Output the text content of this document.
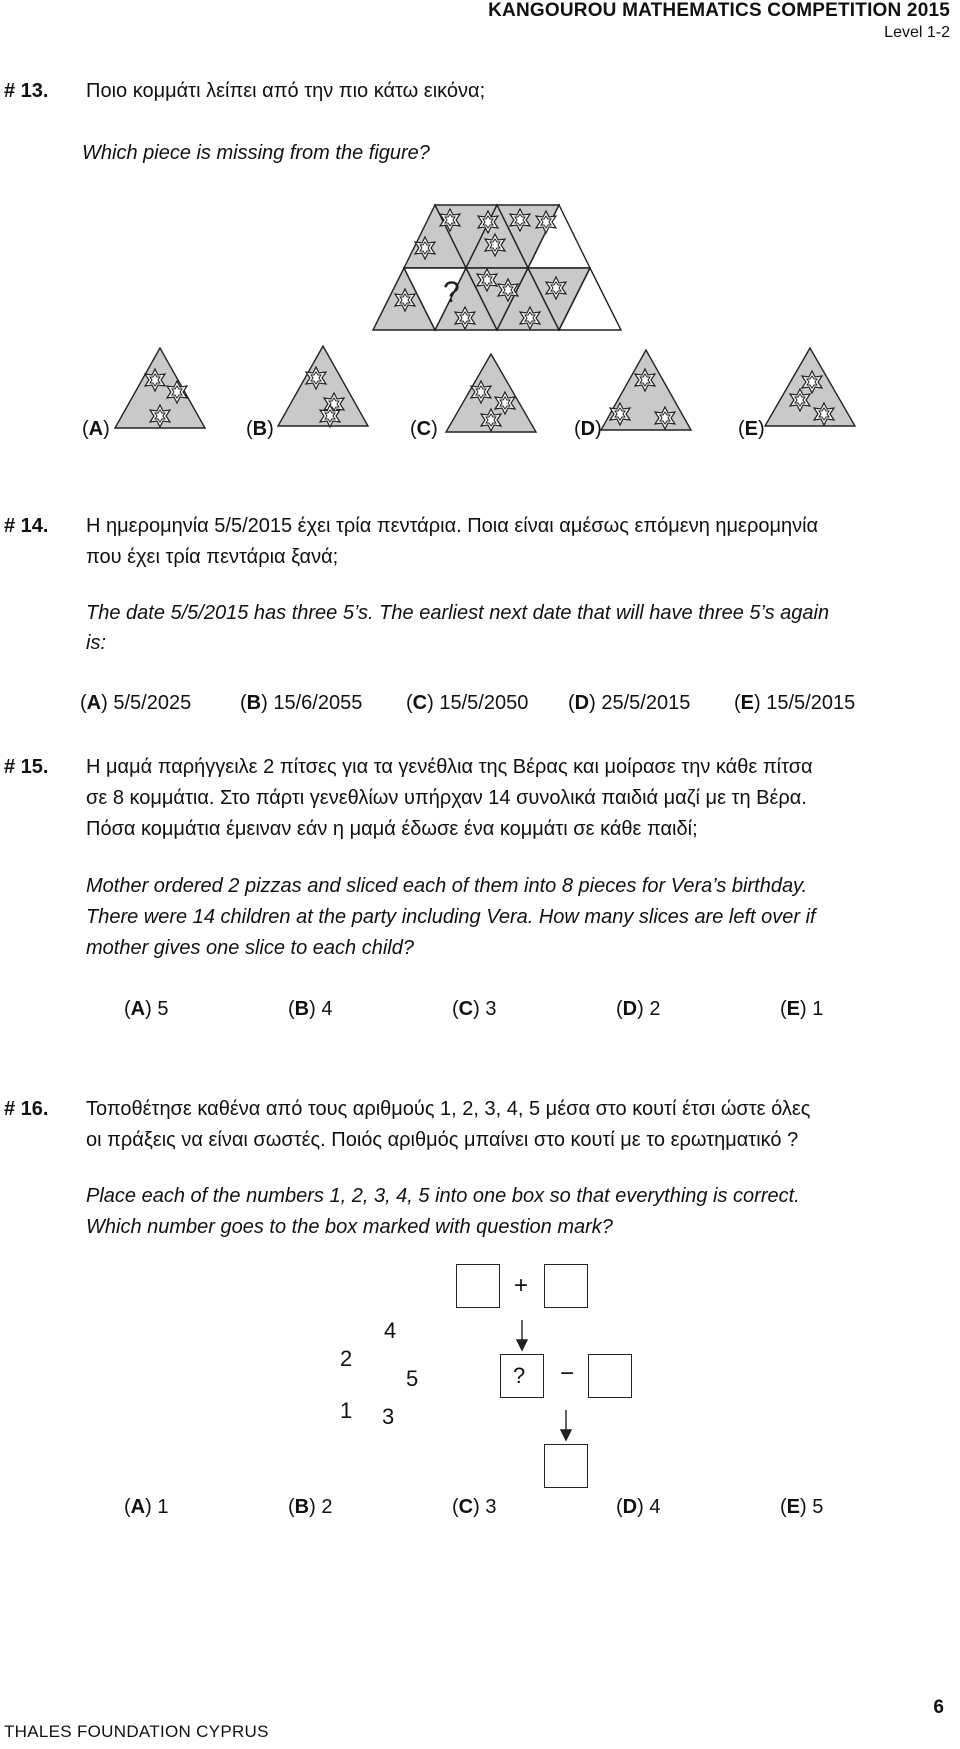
KANGOUROU MATHEMATICS COMPETITION 2015
Level 1-2
# 13. Ποιο κομμάτι λείπει από την πιο κάτω εικόνα;
Which piece is missing from the figure?
?
(A)	(B)	(C)	(D)	(E)
# 14. Η ημερομηνία 5/5/2015 έχει τρία πεντάρια. Ποια είναι αμέσως επόμενη ημερομηνία
που έχει τρία πεντάρια ξανά;
The date 5/5/2015 has three 5’s. The earliest next date that will have three 5’s again
is:
(A) 5/5/2025 (B) 15/6/2055 (C) 15/5/2050 (D) 25/5/2015 (E) 15/5/2015
# 15. Η μαμά παρήγγειλε 2 πίτσες για τα γενέθλια της Βέρας και μοίρασε την κάθε πίτσα
σε 8 κομμάτια. Στο πάρτι γενεθλίων υπήρχαν 14 συνολικά παιδιά μαζί με τη Βέρα.
Πόσα κομμάτια έμειναν εάν η μαμά έδωσε ένα κομμάτι σε κάθε παιδί;
Mother ordered 2 pizzas and sliced each of them into 8 pieces for Vera’s birthday.
There were 14 children at the party including Vera. How many slices are left over if
mother gives one slice to each child?
(A) 5	(B) 4	(C) 3	(D) 2	(E) 1
# 16. Τοποθέτησε καθένα από τους αριθμούς 1, 2, 3, 4, 5 μέσα στο κουτί έτσι ώστε όλες
οι πράξεις να είναι σωστές. Ποιός αριθμός μπαίνει στο κουτί με το ερωτηματικό ?
Place each of the numbers 1, 2, 3, 4, 5 into one box so that everything is correct.
Which number goes to the box marked with question mark?
4
2
5
1 3
+
? −
(A) 1	(B) 2	(C) 3	(D) 4	(E) 5
6
THALES FOUNDATION CYPRUS
